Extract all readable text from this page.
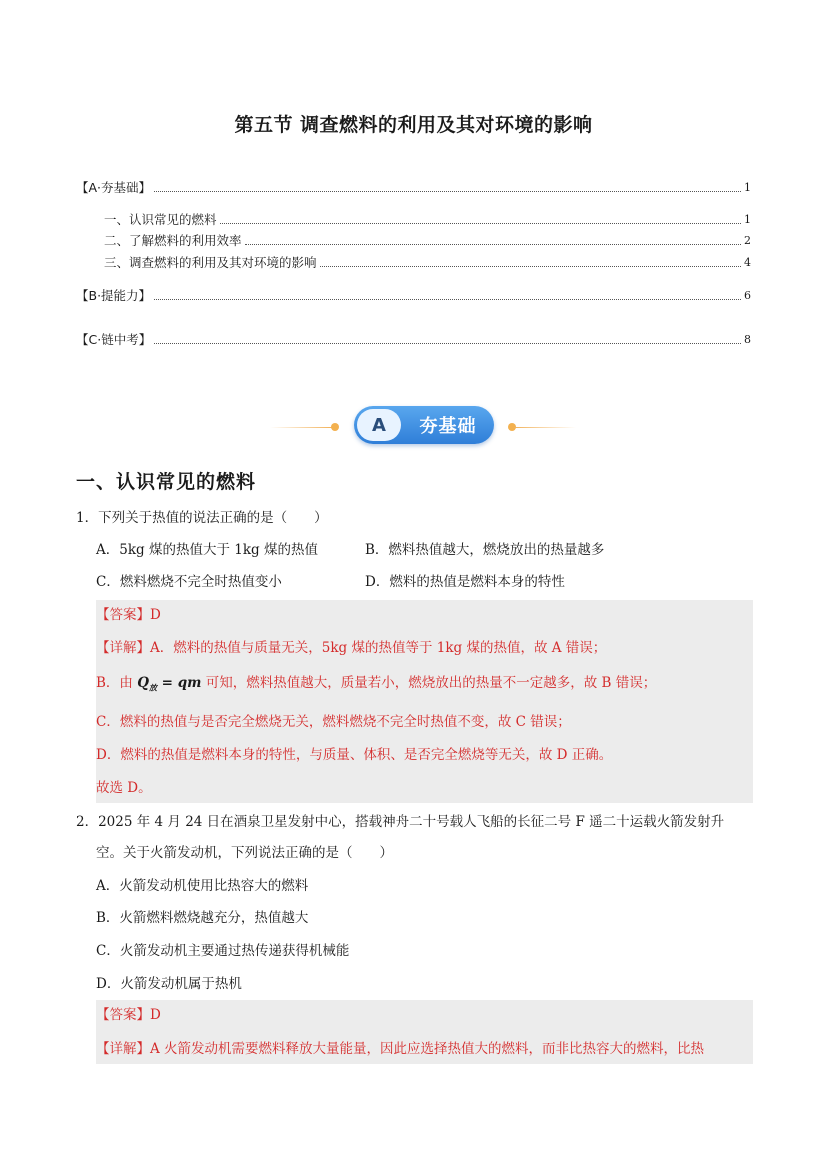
第五节 调查燃料的利用及其对环境的影响
【A·夯基础】	1
一、认识常见的燃料	1
二、了解燃料的利用效率	2
三、调查燃料的利用及其对环境的影响	4
【B·提能力】	6
【C·链中考】	8
A	夯基础
一、认识常见的燃料
1．下列关于热值的说法正确的是（　　）
A．5kg 煤的热值大于 1kg 煤的热值	B．燃料热值越大，燃烧放出的热量越多
C．燃料燃烧不完全时热值变小	D．燃料的热值是燃料本身的特性
【答案】D
【详解】A．燃料的热值与质量无关，5kg 煤的热值等于 1kg 煤的热值，故 A 错误；
B．由 $Q_放$ = qm 可知，燃料热值越大，质量若小，燃烧放出的热量不一定越多，故 B 错误；
C．燃料的热值与是否完全燃烧无关，燃料燃烧不完全时热值不变，故 C 错误；
D．燃料的热值是燃料本身的特性，与质量、体积、是否完全燃烧等无关，故 D 正确。
故选 D。
2．2025 年 4 月 24 日在酒泉卫星发射中心，搭载神舟二十号载人飞船的长征二号 F 遥二十运载火箭发射升
空。关于火箭发动机，下列说法正确的是（　　）
A．火箭发动机使用比热容大的燃料
B．火箭燃料燃烧越充分，热值越大
C．火箭发动机主要通过热传递获得机械能
D．火箭发动机属于热机
【答案】D
【详解】A 火箭发动机需要燃料释放大量能量，因此应选择热值大的燃料，而非比热容大的燃料，比热
